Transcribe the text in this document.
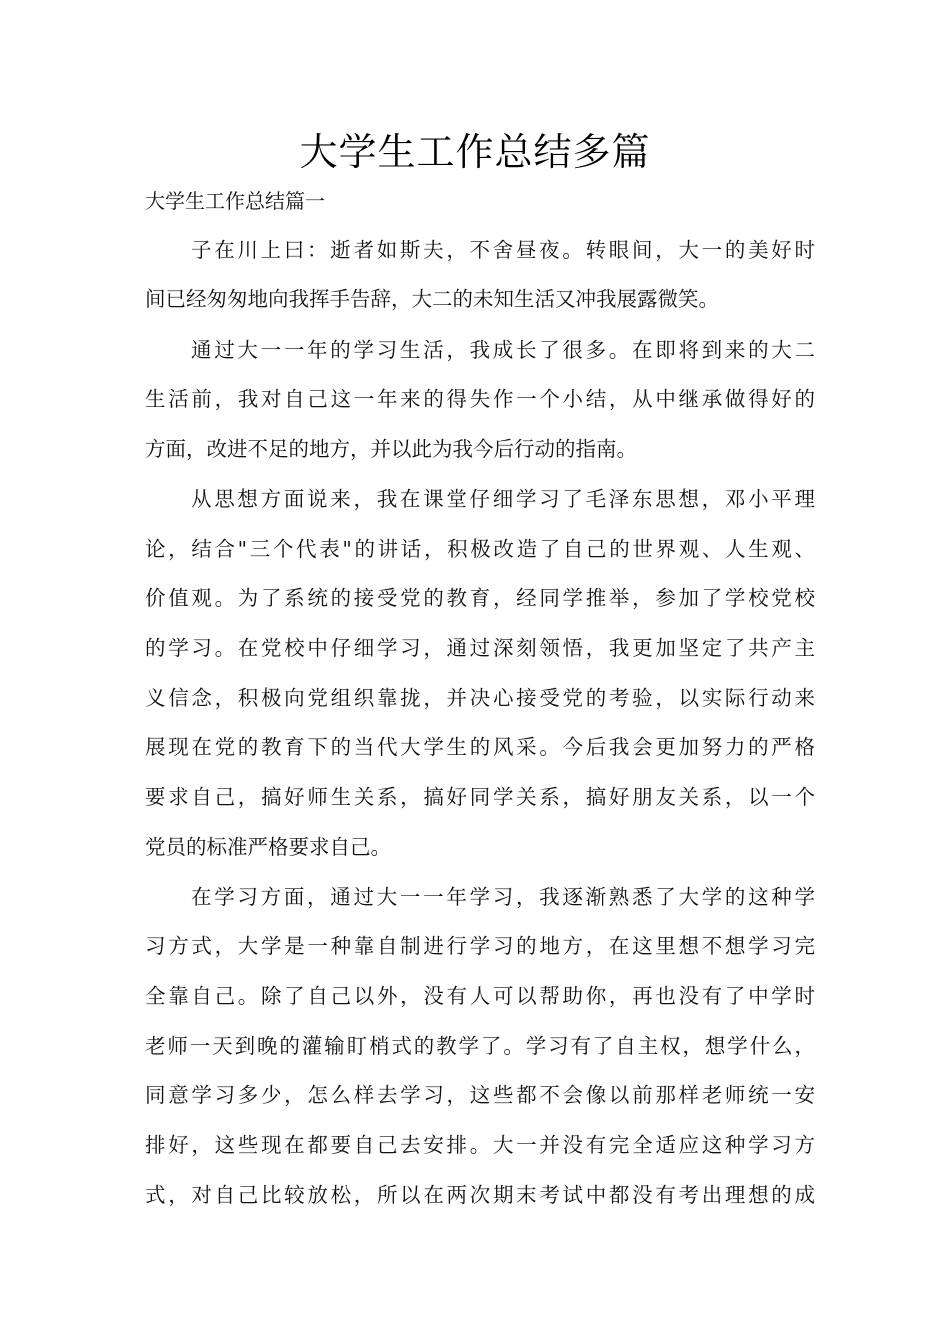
大学生工作总结多篇
大学生工作总结篇一

子在川上曰：逝者如斯夫，不舍昼夜。转眼间，大一的美好时

间已经匆匆地向我挥手告辞，大二的未知生活又冲我展露微笑。

通过大一一年的学习生活，我成长了很多。在即将到来的大二

生活前，我对自己这一年来的得失作一个小结，从中继承做得好的

方面，改进不足的地方，并以此为我今后行动的指南。

从思想方面说来，我在课堂仔细学习了毛泽东思想，邓小平理

论，结合"三个代表"的讲话，积极改造了自己的世界观、人生观、

价值观。为了系统的接受党的教育，经同学推举，参加了学校党校

的学习。在党校中仔细学习，通过深刻领悟，我更加坚定了共产主

义信念，积极向党组织靠拢，并决心接受党的考验，以实际行动来

展现在党的教育下的当代大学生的风采。今后我会更加努力的严格

要求自己，搞好师生关系，搞好同学关系，搞好朋友关系，以一个

党员的标准严格要求自己。

在学习方面，通过大一一年学习，我逐渐熟悉了大学的这种学

习方式，大学是一种靠自制进行学习的地方，在这里想不想学习完

全靠自己。除了自己以外，没有人可以帮助你，再也没有了中学时

老师一天到晚的灌输盯梢式的教学了。学习有了自主权，想学什么，

同意学习多少，怎么样去学习，这些都不会像以前那样老师统一安

排好，这些现在都要自己去安排。大一并没有完全适应这种学习方

式，对自己比较放松，所以在两次期末考试中都没有考出理想的成
